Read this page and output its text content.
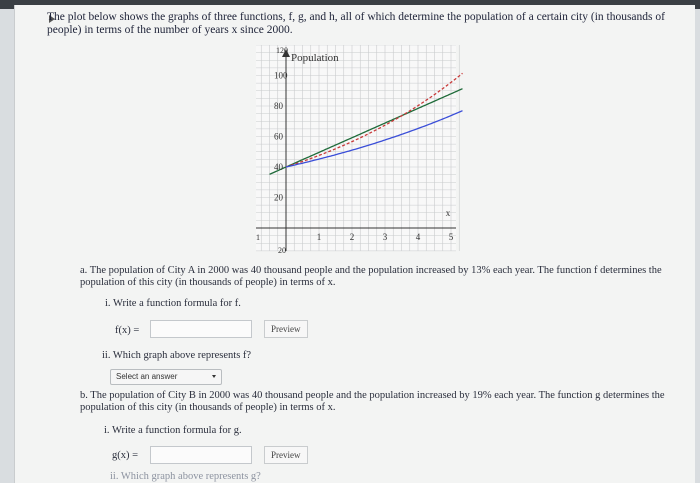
The plot below shows the graphs of three functions, f, g, and h, all of which determine the population of a certain city (in thousands of people) in terms of the number of years x since 2000.
120
100
80
60
40
20
1	2	3	4	5
1
x
20
Population
a. The population of City A in 2000 was 40 thousand people and the population increased by 13% each year. The function f determines the population of this city (in thousands of people) in terms of x.
i. Write a function formula for f.
f(x) =	Preview
ii. Which graph above represents f?
Select an answer
b. The population of City B in 2000 was 40 thousand people and the population increased by 19% each year. The function g determines the population of this city (in thousands of people) in terms of x.
i. Write a function formula for g.
g(x) =	Preview
ii. Which graph above represents g?
